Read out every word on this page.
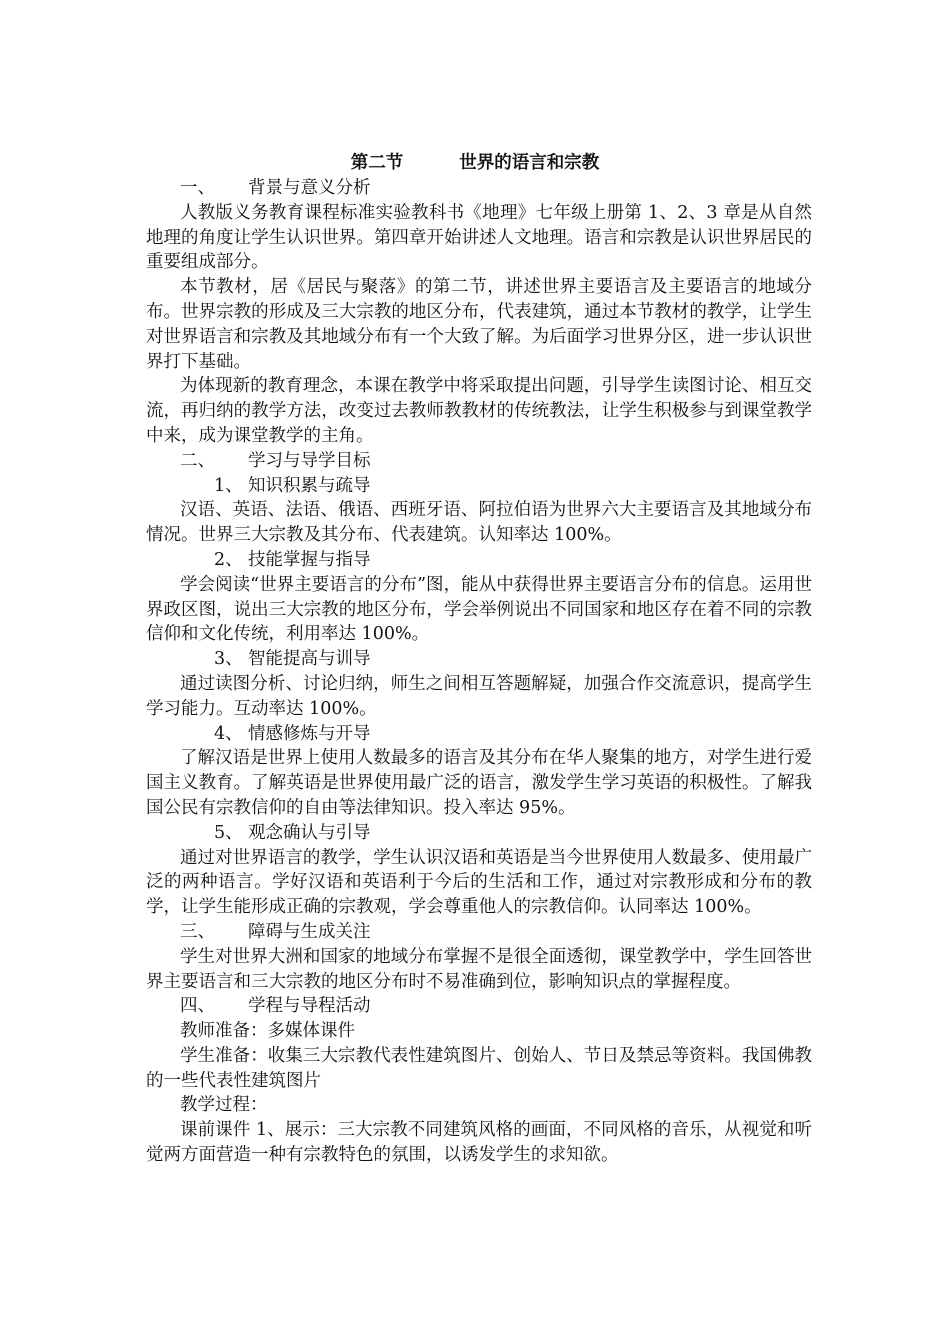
第二节	世界的语言和宗教
一、 背景与意义分析
人教版义务教育课程标准实验教科书《地理》七年级上册第 1、2、3 章是从自然地理的角度让学生认识世界。第四章开始讲述人文地理。语言和宗教是认识世界居民的重要组成部分。
本节教材，居《居民与聚落》的第二节，讲述世界主要语言及主要语言的地域分布。世界宗教的形成及三大宗教的地区分布，代表建筑，通过本节教材的教学，让学生对世界语言和宗教及其地域分布有一个大致了解。为后面学习世界分区，进一步认识世界打下基础。
为体现新的教育理念，本课在教学中将采取提出问题，引导学生读图讨论、相互交流，再归纳的教学方法，改变过去教师教教材的传统教法，让学生积极参与到课堂教学中来，成为课堂教学的主角。
二、 学习与导学目标
1、 知识积累与疏导
汉语、英语、法语、俄语、西班牙语、阿拉伯语为世界六大主要语言及其地域分布情况。世界三大宗教及其分布、代表建筑。认知率达 100%。
2、 技能掌握与指导
学会阅读“世界主要语言的分布”图，能从中获得世界主要语言分布的信息。运用世界政区图，说出三大宗教的地区分布，学会举例说出不同国家和地区存在着不同的宗教信仰和文化传统，利用率达 100%。
3、 智能提高与训导
通过读图分析、讨论归纳，师生之间相互答题解疑，加强合作交流意识，提高学生学习能力。互动率达 100%。
4、 情感修炼与开导
了解汉语是世界上使用人数最多的语言及其分布在华人聚集的地方，对学生进行爱国主义教育。了解英语是世界使用最广泛的语言，激发学生学习英语的积极性。了解我国公民有宗教信仰的自由等法律知识。投入率达 95%。
5、 观念确认与引导
通过对世界语言的教学，学生认识汉语和英语是当今世界使用人数最多、使用最广泛的两种语言。学好汉语和英语利于今后的生活和工作，通过对宗教形成和分布的教学，让学生能形成正确的宗教观，学会尊重他人的宗教信仰。认同率达 100%。
三、 障碍与生成关注
学生对世界大洲和国家的地域分布掌握不是很全面透彻，课堂教学中，学生回答世界主要语言和三大宗教的地区分布时不易准确到位，影响知识点的掌握程度。
四、 学程与导程活动
教师准备：多媒体课件
学生准备：收集三大宗教代表性建筑图片、创始人、节日及禁忌等资料。我国佛教的一些代表性建筑图片
教学过程：
课前课件 1、展示：三大宗教不同建筑风格的画面，不同风格的音乐，从视觉和听觉两方面营造一种有宗教特色的氛围，以诱发学生的求知欲。
